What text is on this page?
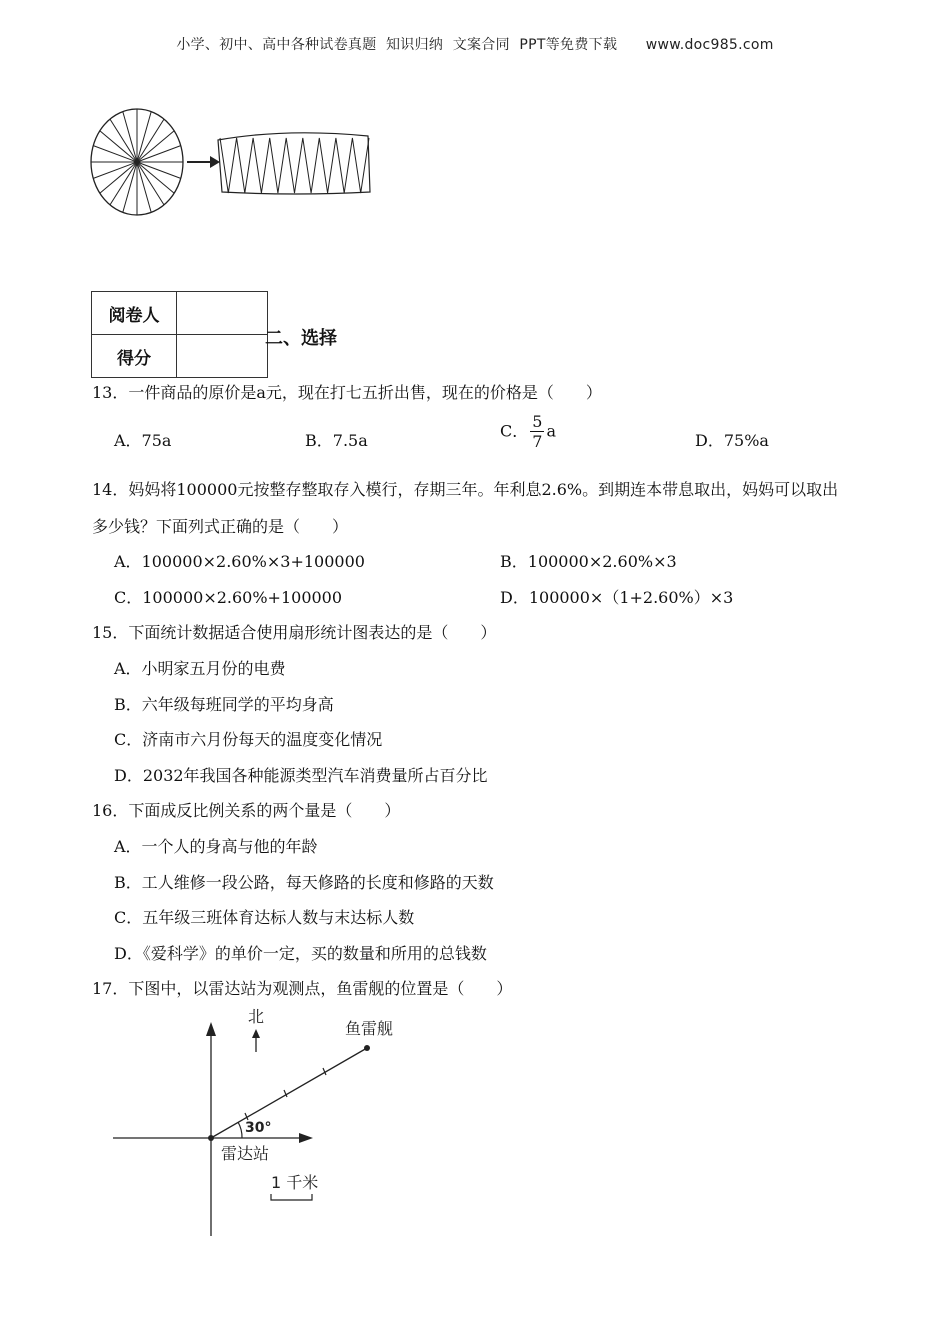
小学、初中、高中各种试卷真题  知识归纳  文案合同  PPT等免费下载      www.doc985.com
阅卷人	
得分	
二、选择
13．一件商品的原价是a元，现在打七五折出售，现在的价格是（　　）
A．75a	B．7.5a	C． $\frac{5}{7}$ a	D．75%a
14．妈妈将100000元按整存整取存入模行，存期三年。年利息2.6%。到期连本带息取出，妈妈可以取出
多少钱？下面列式正确的是（　　）
A．100000×2.60%×3+100000	B．100000×2.60%×3
C．100000×2.60%+100000	D．100000×（1+2.60%）×3
15．下面统计数据适合使用扇形统计图表达的是（　　）
A．小明家五月份的电费
B．六年级每班同学的平均身高
C．济南市六月份每天的温度变化情况
D．2032年我国各种能源类型汽车消费量所占百分比
16．下面成反比例关系的两个量是（　　）
A．一个人的身高与他的年龄
B．工人维修一段公路，每天修路的长度和修路的天数
C．五年级三班体育达标人数与末达标人数
D．《爱科学》的单价一定，买的数量和所用的总钱数
17．下图中，以雷达站为观测点，鱼雷舰的位置是（　　）
北
鱼雷舰
30°
雷达站
1 千米
